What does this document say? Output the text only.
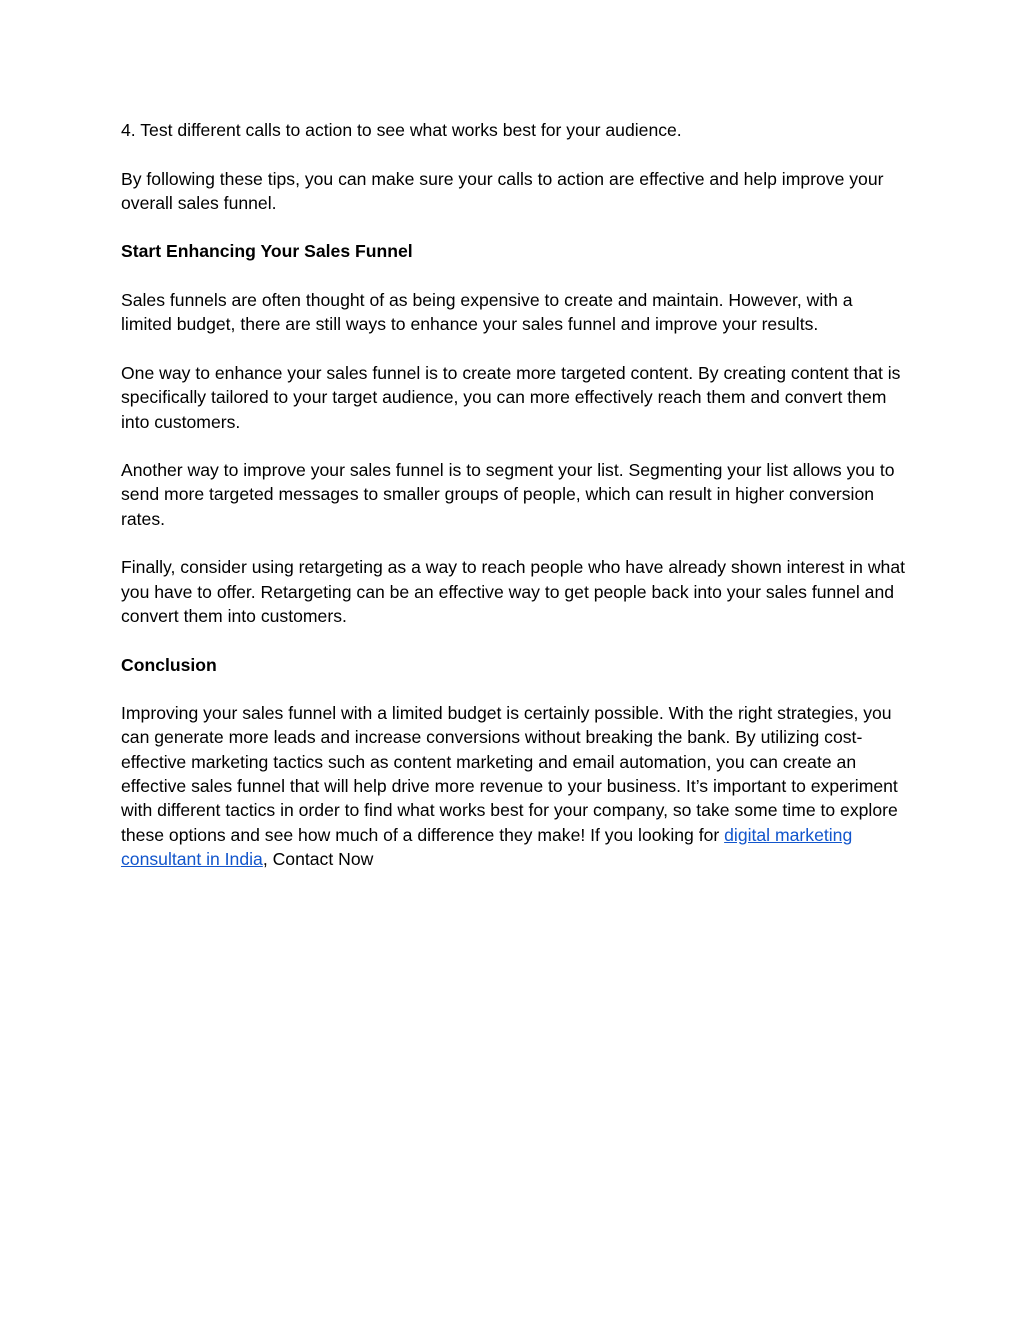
4. Test different calls to action to see what works best for your audience.

By following these tips, you can make sure your calls to action are effective and help improve your overall sales funnel.

Start Enhancing Your Sales Funnel

Sales funnels are often thought of as being expensive to create and maintain. However, with a limited budget, there are still ways to enhance your sales funnel and improve your results.

One way to enhance your sales funnel is to create more targeted content. By creating content that is specifically tailored to your target audience, you can more effectively reach them and convert them into customers.

Another way to improve your sales funnel is to segment your list. Segmenting your list allows you to send more targeted messages to smaller groups of people, which can result in higher conversion rates.

Finally, consider using retargeting as a way to reach people who have already shown interest in what you have to offer. Retargeting can be an effective way to get people back into your sales funnel and convert them into customers.

Conclusion

Improving your sales funnel with a limited budget is certainly possible. With the right strategies, you can generate more leads and increase conversions without breaking the bank. By utilizing cost-effective marketing tactics such as content marketing and email automation, you can create an effective sales funnel that will help drive more revenue to your business. It’s important to experiment with different tactics in order to find what works best for your company, so take some time to explore these options and see how much of a difference they make! If you looking for digital marketing consultant in India, Contact Now
